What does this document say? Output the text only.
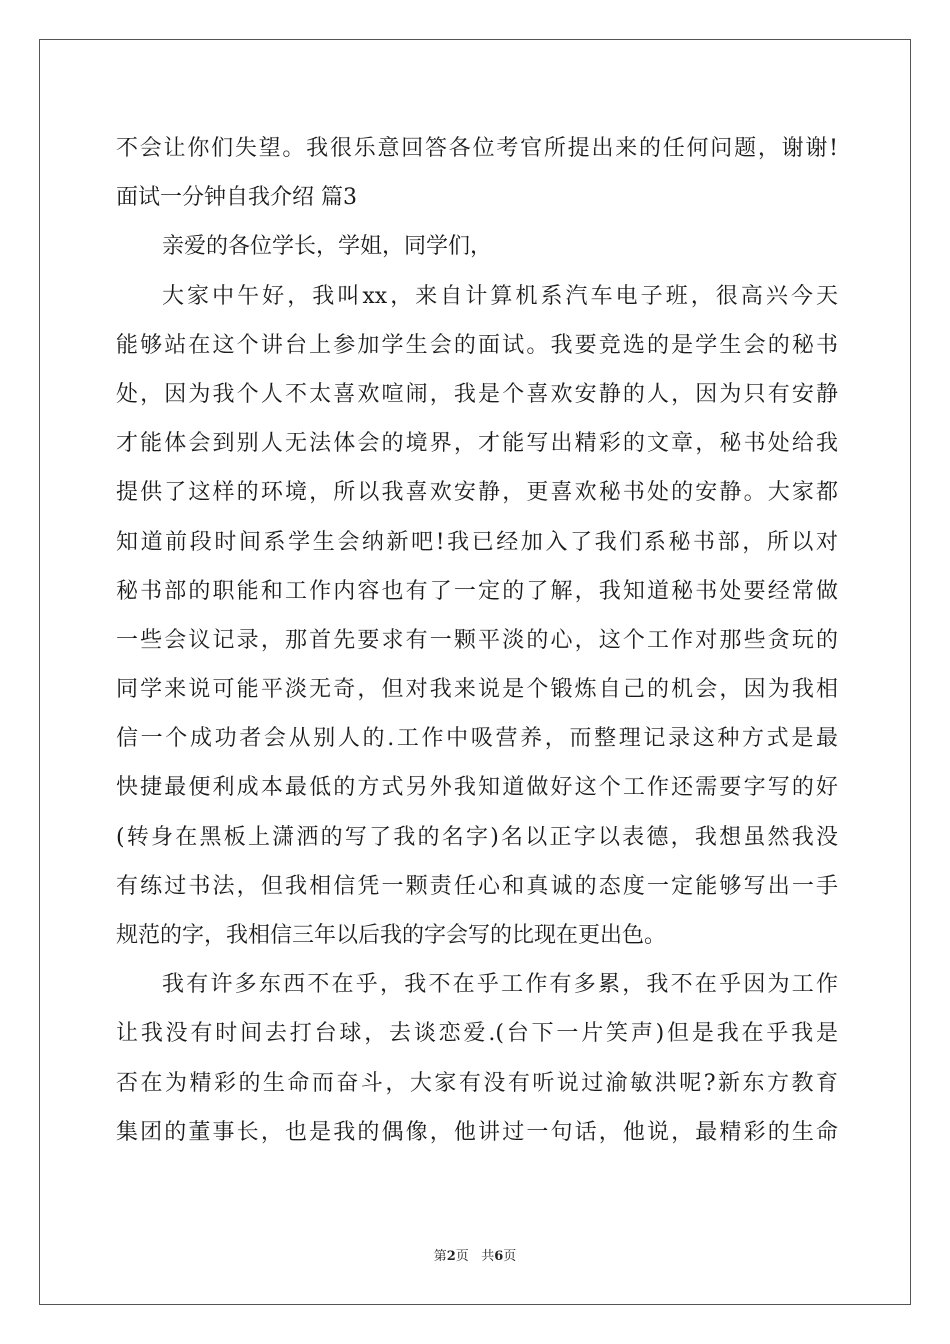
不会让你们失望。我很乐意回答各位考官所提出来的任何问题，谢谢!
面试一分钟自我介绍 篇3
亲爱的各位学长，学姐，同学们，
大家中午好，我叫xx，来自计算机系汽车电子班，很高兴今天
能够站在这个讲台上参加学生会的面试。我要竞选的是学生会的秘书
处，因为我个人不太喜欢喧闹，我是个喜欢安静的人，因为只有安静
才能体会到别人无法体会的境界，才能写出精彩的文章，秘书处给我
提供了这样的环境，所以我喜欢安静，更喜欢秘书处的安静。大家都
知道前段时间系学生会纳新吧!我已经加入了我们系秘书部，所以对
秘书部的职能和工作内容也有了一定的了解，我知道秘书处要经常做
一些会议记录，那首先要求有一颗平淡的心，这个工作对那些贪玩的
同学来说可能平淡无奇，但对我来说是个锻炼自己的机会，因为我相
信一个成功者会从别人的.工作中吸营养，而整理记录这种方式是最
快捷最便利成本最低的方式另外我知道做好这个工作还需要字写的好
(转身在黑板上潇洒的写了我的名字)名以正字以表德，我想虽然我没
有练过书法，但我相信凭一颗责任心和真诚的态度一定能够写出一手
规范的字，我相信三年以后我的字会写的比现在更出色。
我有许多东西不在乎，我不在乎工作有多累，我不在乎因为工作
让我没有时间去打台球，去谈恋爱.(台下一片笑声)但是我在乎我是
否在为精彩的生命而奋斗，大家有没有听说过渝敏洪呢?新东方教育
集团的董事长，也是我的偶像，他讲过一句话，他说，最精彩的生命
第2页 共6页
